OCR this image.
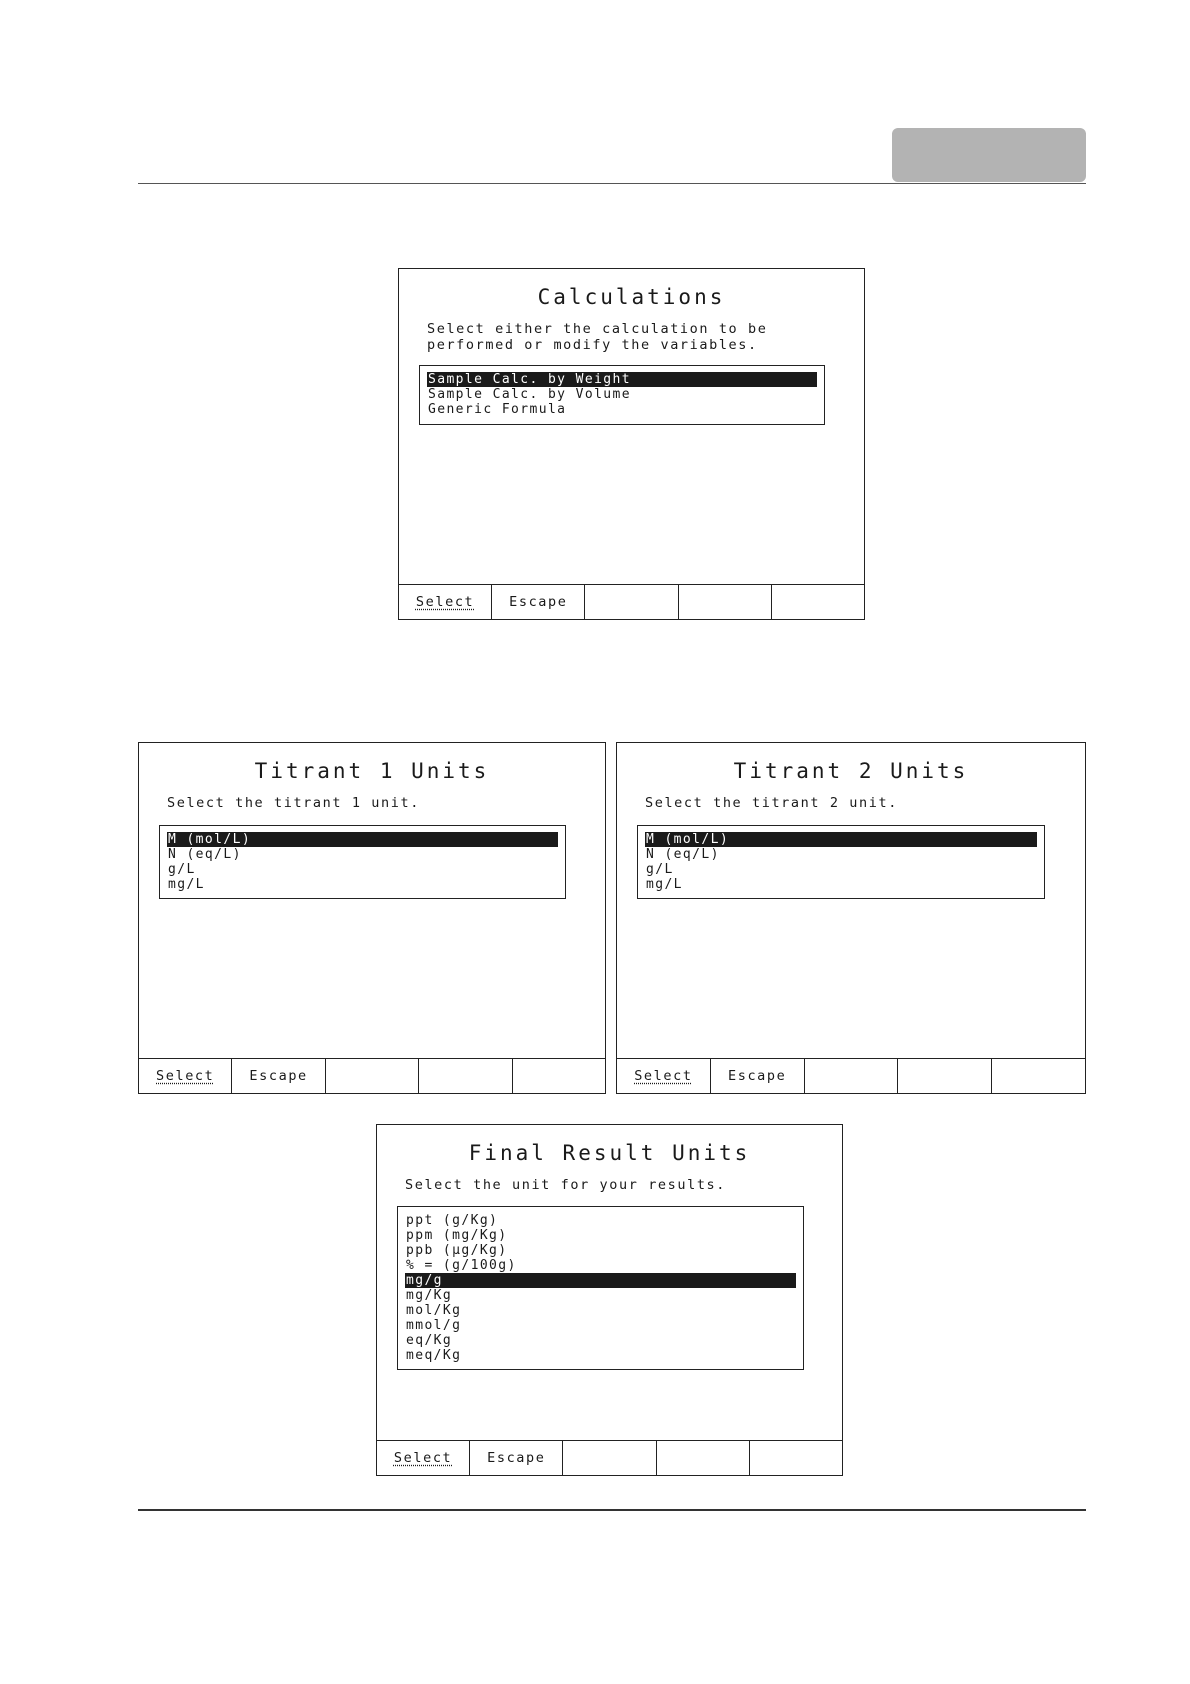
Calculations
Select either the calculation to be
performed or modify the variables.
Sample Calc. by Weight
Sample Calc. by Volume
Generic Formula
Select	Escape
Titrant 1 Units
Select the titrant 1 unit.
M (mol/L)
N (eq/L)
g/L
mg/L
Select	Escape
Titrant 2 Units
Select the titrant 2 unit.
M (mol/L)
N (eq/L)
g/L
mg/L
Select	Escape
Final Result Units
Select the unit for your results.
ppt (g/Kg)
ppm (mg/Kg)
ppb (µg/Kg)
% = (g/100g)
mg/g
mg/Kg
mol/Kg
mmol/g
eq/Kg
meq/Kg
Select	Escape
